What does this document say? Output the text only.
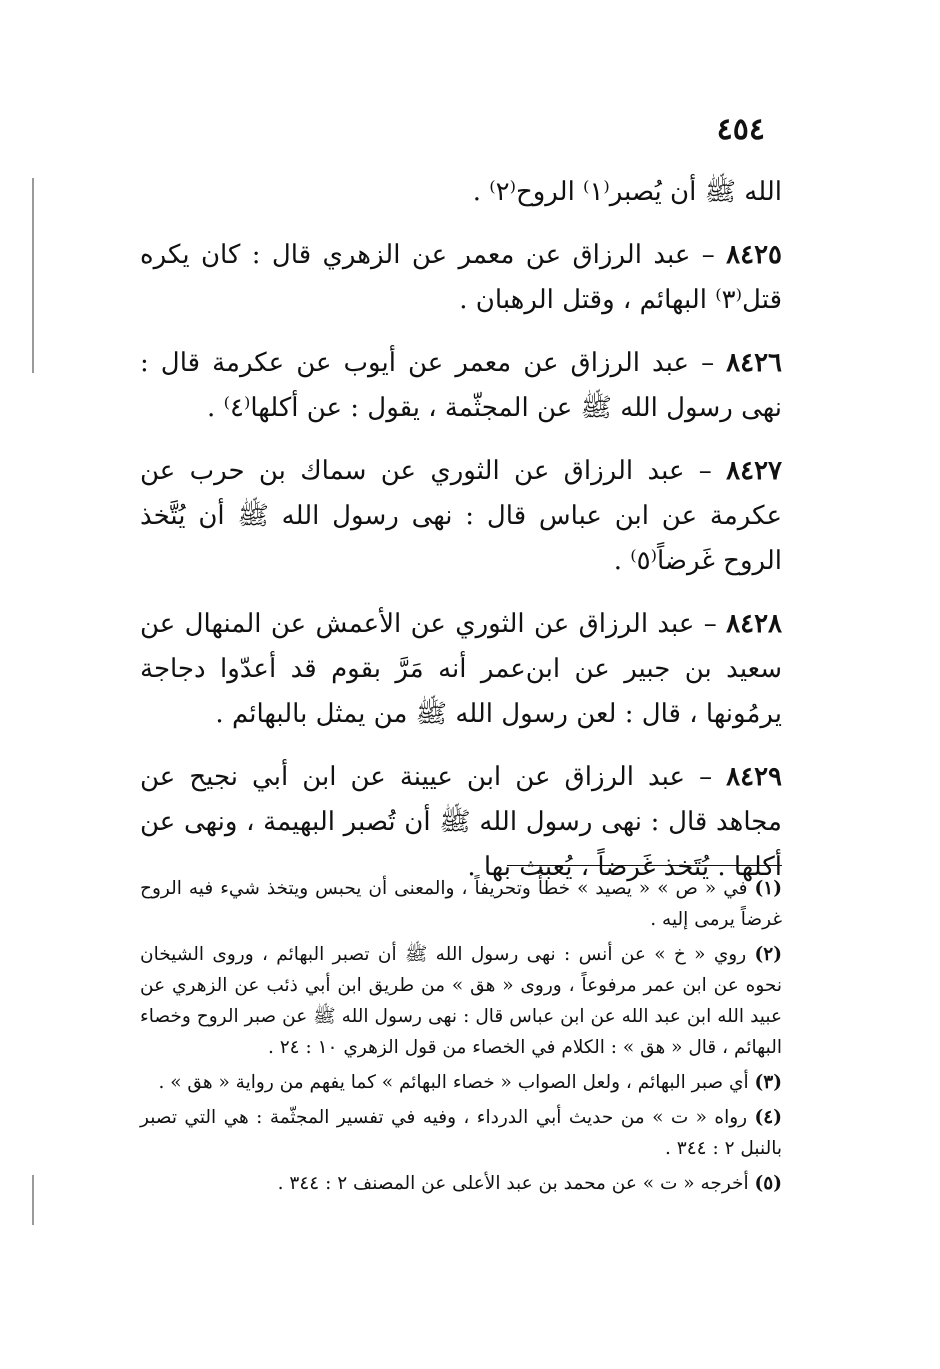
٤٥٤

الله ﷺ أن يُصبر⁽١⁾ الروح⁽٢⁾ .

٨٤٢٥ – عبد الرزاق عن معمر عن الزهري قال : كان يكره قتل⁽٣⁾ البهائم ، وقتل الرهبان .

٨٤٢٦ – عبد الرزاق عن معمر عن أيوب عن عكرمة قال : نهى رسول الله ﷺ عن المجثّمة ، يقول : عن أكلها⁽٤⁾ .

٨٤٢٧ – عبد الرزاق عن الثوري عن سماك بن حرب عن عكرمة عن ابن عباس قال : نهى رسول الله ﷺ أن يُتَّخذ الروح غَرضاً⁽٥⁾ .

٨٤٢٨ – عبد الرزاق عن الثوري عن الأعمش عن المنهال عن سعيد بن جبير عن ابن‌عمر أنه مَرَّ بقوم قد أعدّوا دجاجة يرمُونها ، قال : لعن رسول الله ﷺ من يمثل بالبهائم .

٨٤٢٩ – عبد الرزاق عن ابن عيينة عن ابن أبي نجيح عن مجاهد قال : نهى رسول الله ﷺ أن تُصبر البهيمة ، ونهى عن أكلها . يُتَخذ غَرضاً ، يُعبث بها .

(١) في « ص » « يصيد » خطأً وتحريفاً ، والمعنى أن يحبس ويتخذ شيء فيه الروح غرضاً يرمى إليه .

(٢) روي « خ » عن أنس : نهى رسول الله ﷺ أن تصبر البهائم ، وروى الشيخان نحوه عن ابن عمر مرفوعاً ، وروى « هق » من طريق ابن أبي ذئب عن الزهري عن عبيد الله ابن عبد الله عن ابن عباس قال : نهى رسول الله ﷺ عن صبر الروح وخصاء البهائم ، قال « هق » : الكلام في الخصاء من قول الزهري ١٠ : ٢٤ .

(٣) أي صبر البهائم ، ولعل الصواب « خصاء البهائم » كما يفهم من رواية « هق » .

(٤) رواه « ت » من حديث أبي الدرداء ، وفيه في تفسير المجثّمة : هي التي تصبر بالنبل ٢ : ٣٤٤ .

(٥) أخرجه « ت » عن محمد بن عبد الأعلى عن المصنف ٢ : ٣٤٤ .
